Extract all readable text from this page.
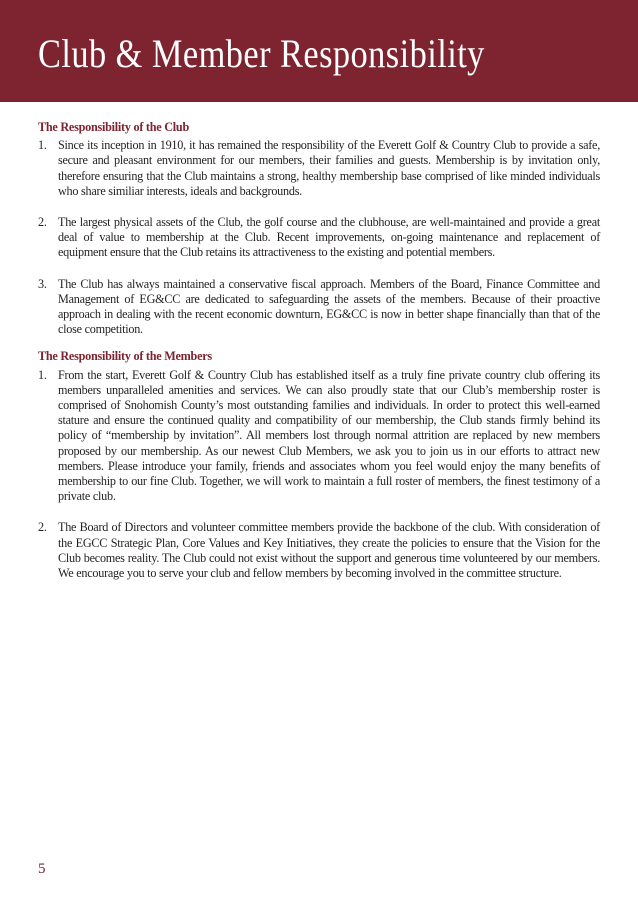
Club & Member Responsibility
The Responsibility of the Club
1. Since its inception in 1910, it has remained the responsibility of the Everett Golf & Country Club to provide a safe, secure and pleasant environment for our members, their families and guests. Membership is by invitation only, therefore ensuring that the Club maintains a strong, healthy membership base comprised of like minded individuals who share similiar interests, ideals and backgrounds.
2. The largest physical assets of the Club, the golf course and the clubhouse, are well-maintained and provide a great deal of value to membership at the Club. Recent improvements, on-going maintenance and replacement of equipment ensure that the Club retains its attractiveness to the existing and potential members.
3. The Club has always maintained a conservative fiscal approach. Members of the Board, Finance Committee and Management of EG&CC are dedicated to safeguarding the assets of the members. Because of their proactive approach in dealing with the recent economic downturn, EG&CC is now in better shape financially than that of the close competition.
The Responsibility of the Members
1. From the start, Everett Golf & Country Club has established itself as a truly fine private country club offering its members unparalleled amenities and services. We can also proudly state that our Club’s membership roster is comprised of Snohomish County’s most outstanding families and individuals. In order to protect this well-earned stature and ensure the continued quality and compatibility of our membership, the Club stands firmly behind its policy of “membership by invitation”. All members lost through normal attrition are replaced by new members proposed by our membership. As our newest Club Members, we ask you to join us in our efforts to attract new members. Please introduce your family, friends and associates whom you feel would enjoy the many benefits of membership to our fine Club. Together, we will work to maintain a full roster of members, the finest testimony of a private club.
2. The Board of Directors and volunteer committee members provide the backbone of the club. With consideration of the EGCC Strategic Plan, Core Values and Key Initiatives, they create the policies to ensure that the Vision for the Club becomes reality. The Club could not exist without the support and generous time volunteered by our members. We encourage you to serve your club and fellow members by becoming involved in the committee structure.
5
